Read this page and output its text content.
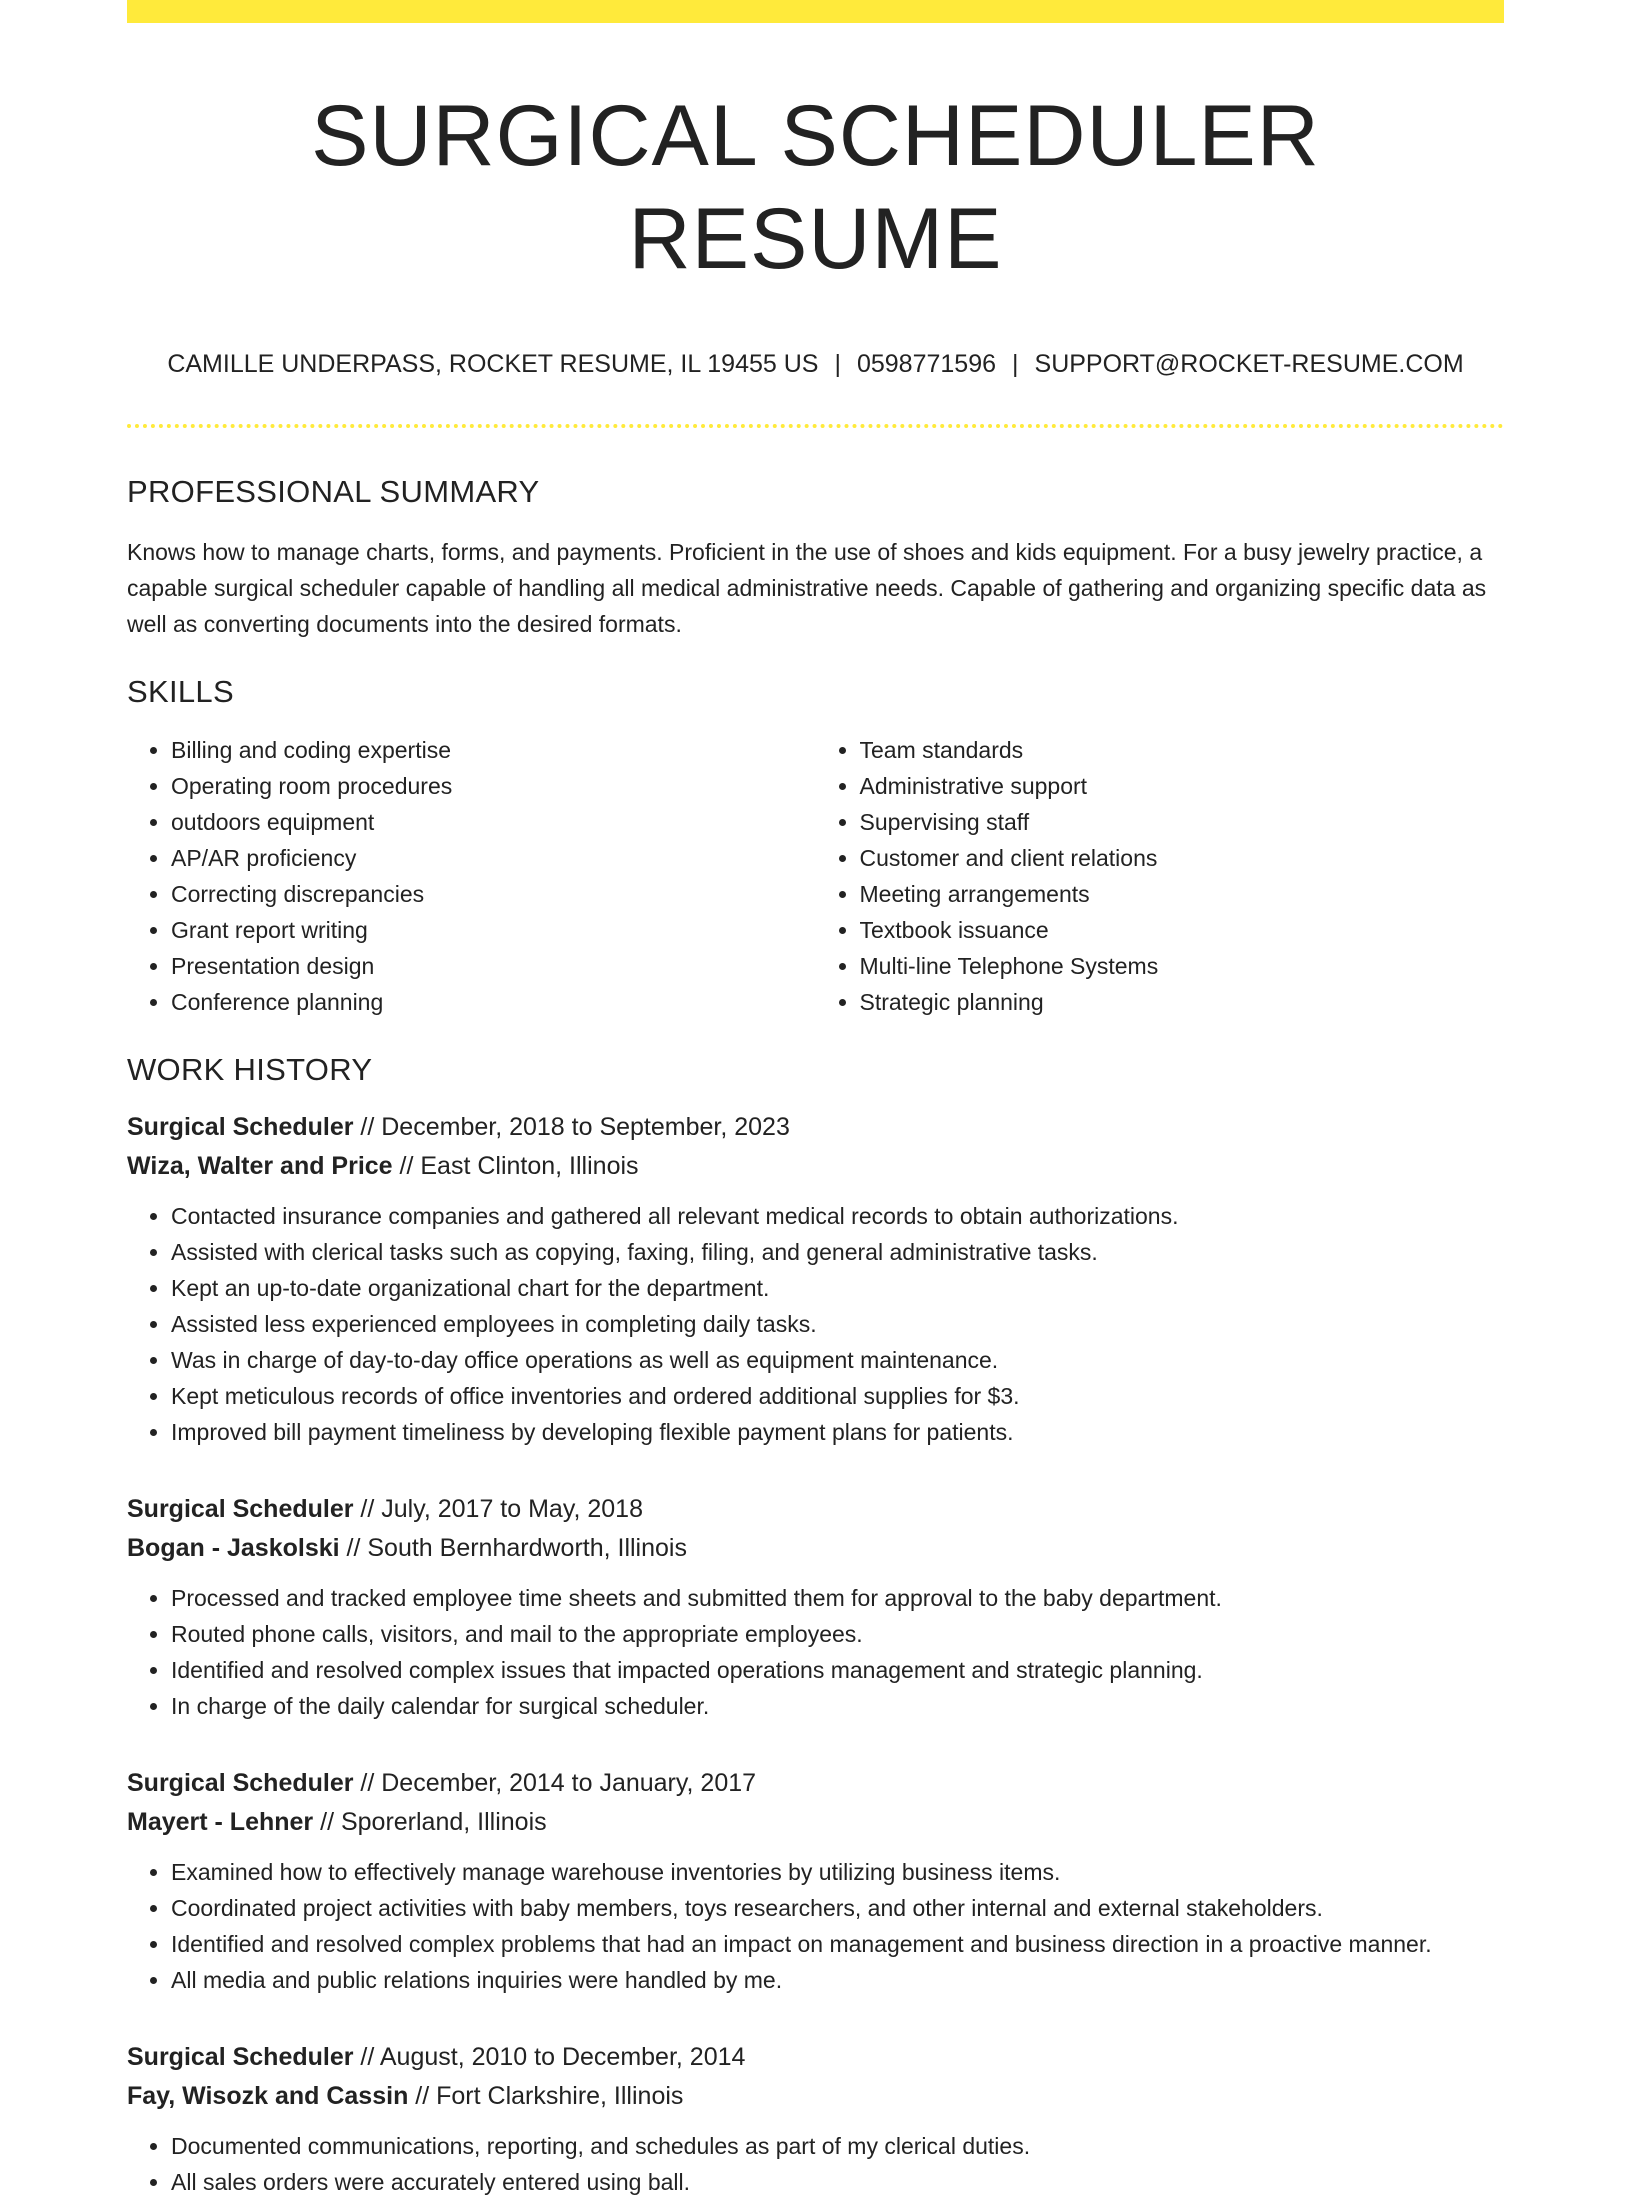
SURGICAL SCHEDULER RESUME
CAMILLE UNDERPASS, ROCKET RESUME, IL 19455 US | 0598771596 | SUPPORT@ROCKET-RESUME.COM
PROFESSIONAL SUMMARY

Knows how to manage charts, forms, and payments. Proficient in the use of shoes and kids equipment. For a busy jewelry practice, a capable surgical scheduler capable of handling all medical administrative needs. Capable of gathering and organizing specific data as well as converting documents into the desired formats.

SKILLS
• Billing and coding expertise
• Operating room procedures
• outdoors equipment
• AP/AR proficiency
• Correcting discrepancies
• Grant report writing
• Presentation design
• Conference planning
• Team standards
• Administrative support
• Supervising staff
• Customer and client relations
• Meeting arrangements
• Textbook issuance
• Multi-line Telephone Systems
• Strategic planning
WORK HISTORY
Surgical Scheduler // December, 2018 to September, 2023
Wiza, Walter and Price // East Clinton, Illinois
• Contacted insurance companies and gathered all relevant medical records to obtain authorizations.
• Assisted with clerical tasks such as copying, faxing, filing, and general administrative tasks.
• Kept an up-to-date organizational chart for the department.
• Assisted less experienced employees in completing daily tasks.
• Was in charge of day-to-day office operations as well as equipment maintenance.
• Kept meticulous records of office inventories and ordered additional supplies for $3.
• Improved bill payment timeliness by developing flexible payment plans for patients.
Surgical Scheduler // July, 2017 to May, 2018
Bogan - Jaskolski // South Bernhardworth, Illinois
• Processed and tracked employee time sheets and submitted them for approval to the baby department.
• Routed phone calls, visitors, and mail to the appropriate employees.
• Identified and resolved complex issues that impacted operations management and strategic planning.
• In charge of the daily calendar for surgical scheduler.
Surgical Scheduler // December, 2014 to January, 2017
Mayert - Lehner // Sporerland, Illinois
• Examined how to effectively manage warehouse inventories by utilizing business items.
• Coordinated project activities with baby members, toys researchers, and other internal and external stakeholders.
• Identified and resolved complex problems that had an impact on management and business direction in a proactive manner.
• All media and public relations inquiries were handled by me.
Surgical Scheduler // August, 2010 to December, 2014
Fay, Wisozk and Cassin // Fort Clarkshire, Illinois
• Documented communications, reporting, and schedules as part of my clerical duties.
• All sales orders were accurately entered using ball.
